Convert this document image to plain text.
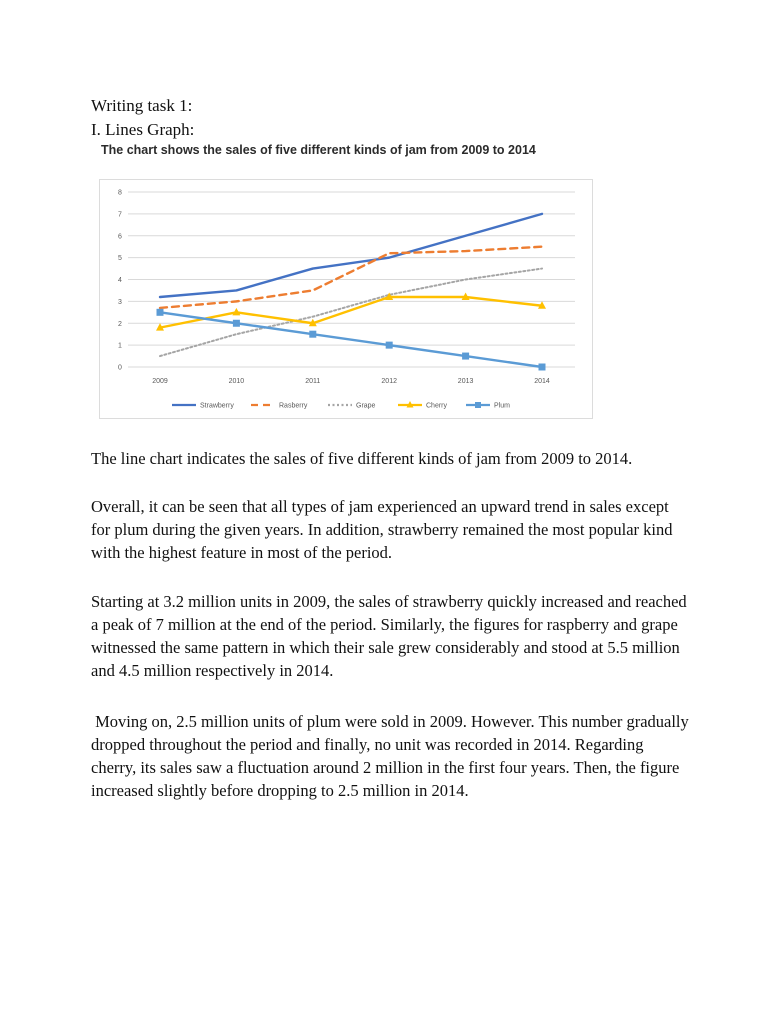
Writing task 1:
I. Lines Graph:
The chart shows the sales of five different kinds of jam from 2009 to 2014
0
1
2
3
4
5
6
7
8
2009	2010	2011	2012	2013	2014
Strawberry	Rasberry	Grape	Cherry	Plum

The line chart indicates the sales of five different kinds of jam from 2009 to 2014.

Overall, it can be seen that all types of jam experienced an upward trend in sales except for plum during the given years. In addition, strawberry remained the most popular kind with the highest feature in most of the period.

Starting at 3.2 million units in 2009, the sales of strawberry quickly increased and reached a peak of 7 million at the end of the period. Similarly, the figures for raspberry and grape witnessed the same pattern in which their sale grew considerably and stood at 5.5 million and 4.5 million respectively in 2014.

Moving on, 2.5 million units of plum were sold in 2009. However. This number gradually dropped throughout the period and finally, no unit was recorded in 2014. Regarding cherry, its sales saw a fluctuation around 2 million in the first four years. Then, the figure increased slightly before dropping to 2.5 million in 2014.
